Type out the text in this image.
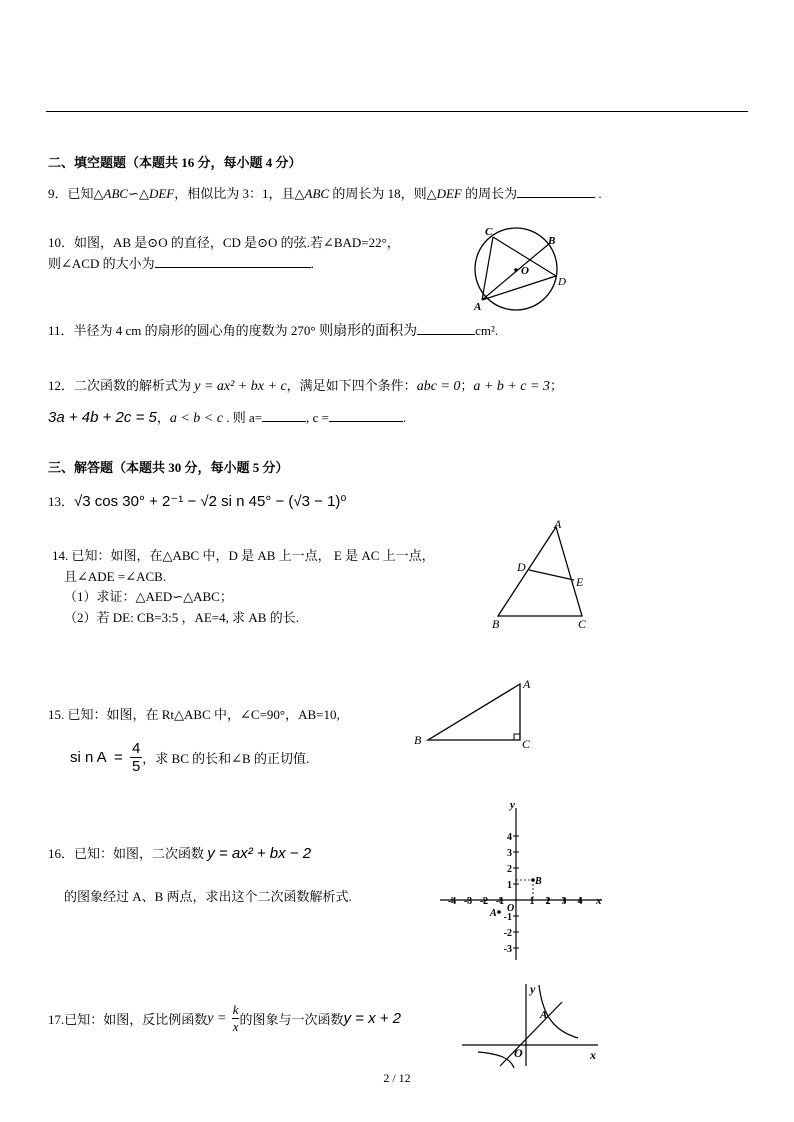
二、填空题题（本题共 16 分，每小题 4 分）
9．已知△ABC∽△DEF，相似比为 3：1，且△ABC 的周长为 18，则△DEF 的周长为	.
10．如图，AB 是⊙O 的直径，CD 是⊙O 的弦.若∠BAD=22°，
则∠ACD 的大小为	.
C
B
O
D
A
11．半径为 4 cm 的扇形的圆心角的度数为 270° 则扇形的面积为	cm².
12．二次函数的解析式为 y = ax² + bx + c，满足如下四个条件：abc = 0；a + b + c = 3；
3a + 4b + 2c = 5，a < b < c . 则 a=	, c =	.
三、解答题（本题共 30 分，每小题 5 分）
13．√3 cos 30° + 2⁻¹ − √2 si n 45° − (√3 − 1)⁰
14. 已知：如图，在△ABC 中，D 是 AB 上一点， E 是 AC 上一点，
且∠ADE =∠ACB.
（1）求证：△AED∽△ABC；
（2）若 DE: CB=3:5 ，AE=4, 求 AB 的长.
A
D
E
B	C
15. 已知：如图，在 Rt△ABC 中，∠C=90°，AB=10,
si n $A = \frac{4}{5}$ ，求 BC 的长和∠B 的正切值.
A
B	C
16．已知：如图，二次函数 y = ax² + bx − 2
的图象经过 A、B 两点，求出这个二次函数解析式.
y
x
4
3
2
1
-1
-2
-3
-4 -3 -2 -1	1 2 3 4
B
A O
17.已知：如图，反比例函数$y = \frac{k}{x}$ 的图象与一次函数y = x + 2
y
x
A
O
2 / 12
